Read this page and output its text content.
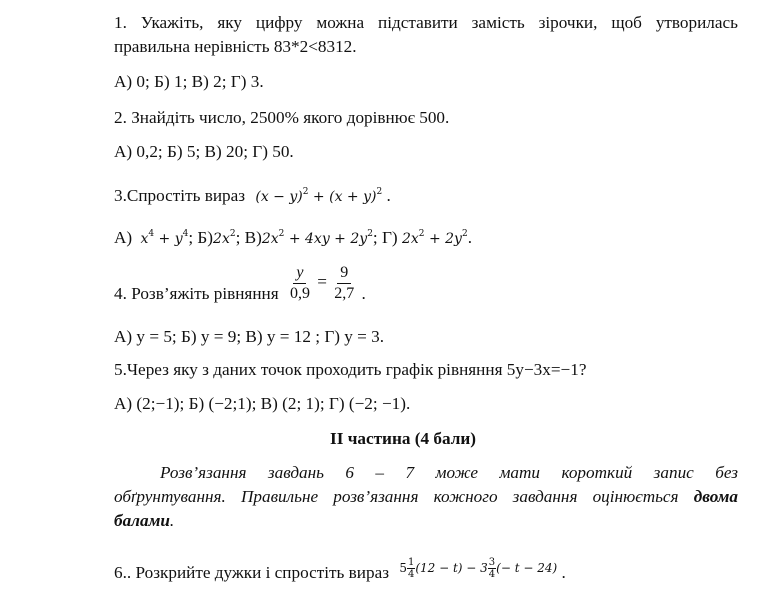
1. Укажіть, яку цифру можна підставити замість зірочки, щоб утворилась
правильна нерівність 83*2<8312.
А) 0; Б) 1; В) 2; Г) 3.
2. Знайдіть число, 2500% якого дорівнює 500.
А) 0,2; Б) 5; В) 20; Г) 50.
3.Спростіть вираз $(x - y)^2 + (x + y)^2$ .
А) $x^4 + y^4$; $Б)2x^2$; $В)2x^2 + 4xy + 2y^2$; Г) $2x^2 + 2y^2$.
4. Розв’яжіть рівняння $\frac{y}{0,9} = \frac{9}{2,7}$ .
А) у = 5; Б) у = 9; В) у = 12 ; Г) у = 3.
5.Через яку з даних точок проходить графік рівняння 5у−3х=−1?
А) (2;−1); Б) (−2;1); В) (2; 1); Г) (−2; −1).
ІІ частина (4 бали)
Розв’язання завдань 6 – 7 може мати короткий запис без
обґрунтування. Правильне розв’язання кожного завдання оцінюється двома
балами.
6.. Розкрийте дужки і спростіть вираз $5 \frac{1}{4} (12 - t) - 3 \frac{3}{4}$ (− t − 24) .
